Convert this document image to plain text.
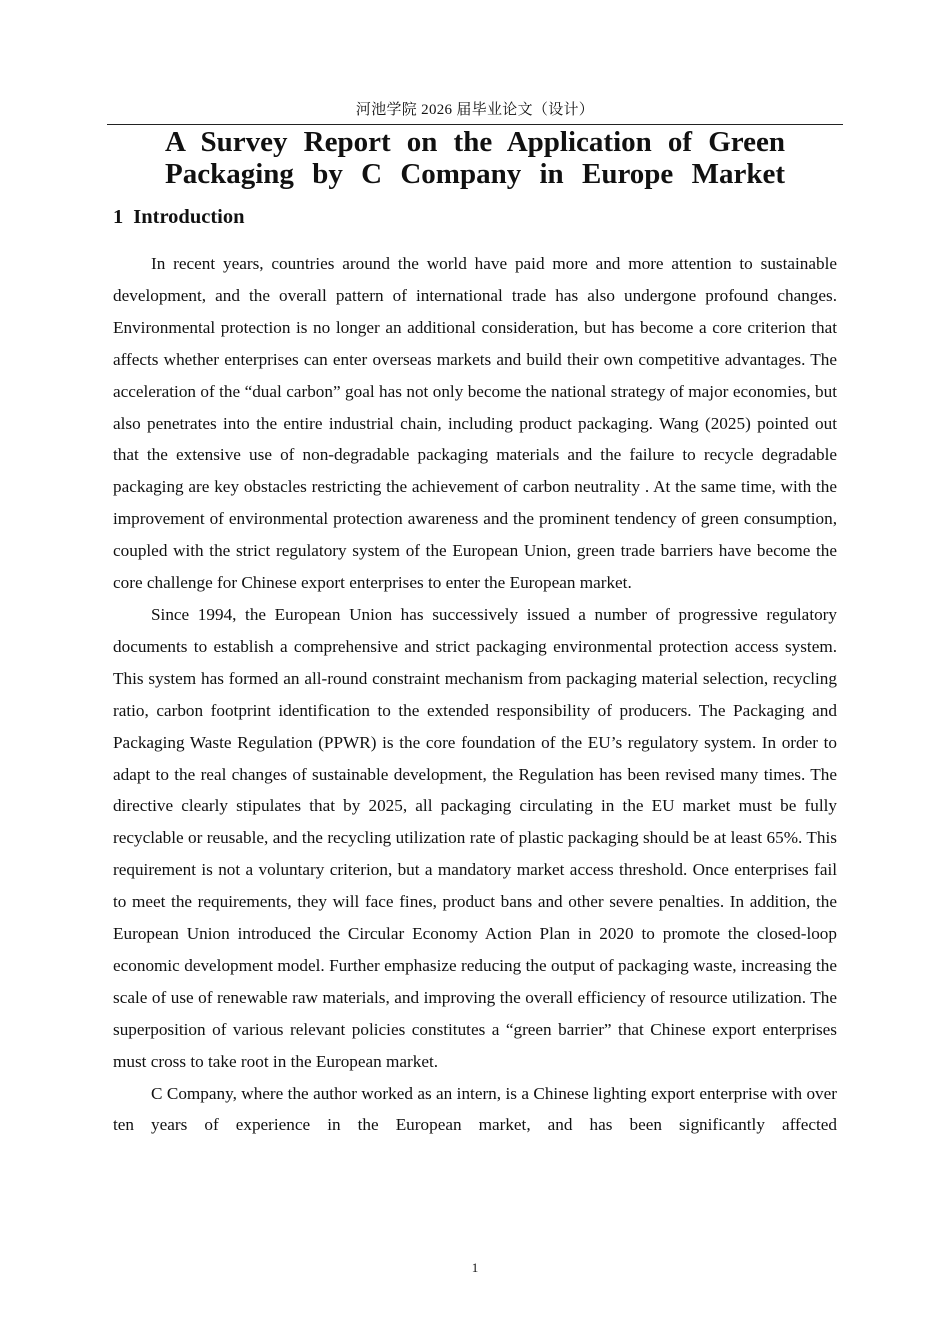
河池学院 2026 届毕业论文（设计）
A Survey Report on the Application of Green
Packaging by C Company in Europe Market
1 Introduction

In recent years, countries around the world have paid more and more attention to sustainable development, and the overall pattern of international trade has also undergone profound changes. Environmental protection is no longer an additional consideration, but has become a core criterion that affects whether enterprises can enter overseas markets and build their own competitive advantages. The acceleration of the “dual carbon” goal has not only become the national strategy of major economies, but also penetrates into the entire industrial chain, including product packaging. Wang (2025) pointed out that the extensive use of non-degradable packaging materials and the failure to recycle degradable packaging are key obstacles restricting the achievement of carbon neutrality . At the same time, with the improvement of environmental protection awareness and the prominent tendency of green consumption, coupled with the strict regulatory system of the European Union, green trade barriers have become the core challenge for Chinese export enterprises to enter the European market.

Since 1994, the European Union has successively issued a number of progressive regulatory documents to establish a comprehensive and strict packaging environmental protection access system. This system has formed an all-round constraint mechanism from packaging material selection, recycling ratio, carbon footprint identification to the extended responsibility of producers. The Packaging and Packaging Waste Regulation (PPWR) is the core foundation of the EU’s regulatory system. In order to adapt to the real changes of sustainable development, the Regulation has been revised many times. The directive clearly stipulates that by 2025, all packaging circulating in the EU market must be fully recyclable or reusable, and the recycling utilization rate of plastic packaging should be at least 65%. This requirement is not a voluntary criterion, but a mandatory market access threshold. Once enterprises fail to meet the requirements, they will face fines, product bans and other severe penalties. In addition, the European Union introduced the Circular Economy Action Plan in 2020 to promote the closed-loop economic development model. Further emphasize reducing the output of packaging waste, increasing the scale of use of renewable raw materials, and improving the overall efficiency of resource utilization. The superposition of various relevant policies constitutes a “green barrier” that Chinese export enterprises must cross to take root in the European market.

C Company, where the author worked as an intern, is a Chinese lighting export enterprise with over ten years of experience in the European market, and has been significantly affected

1
